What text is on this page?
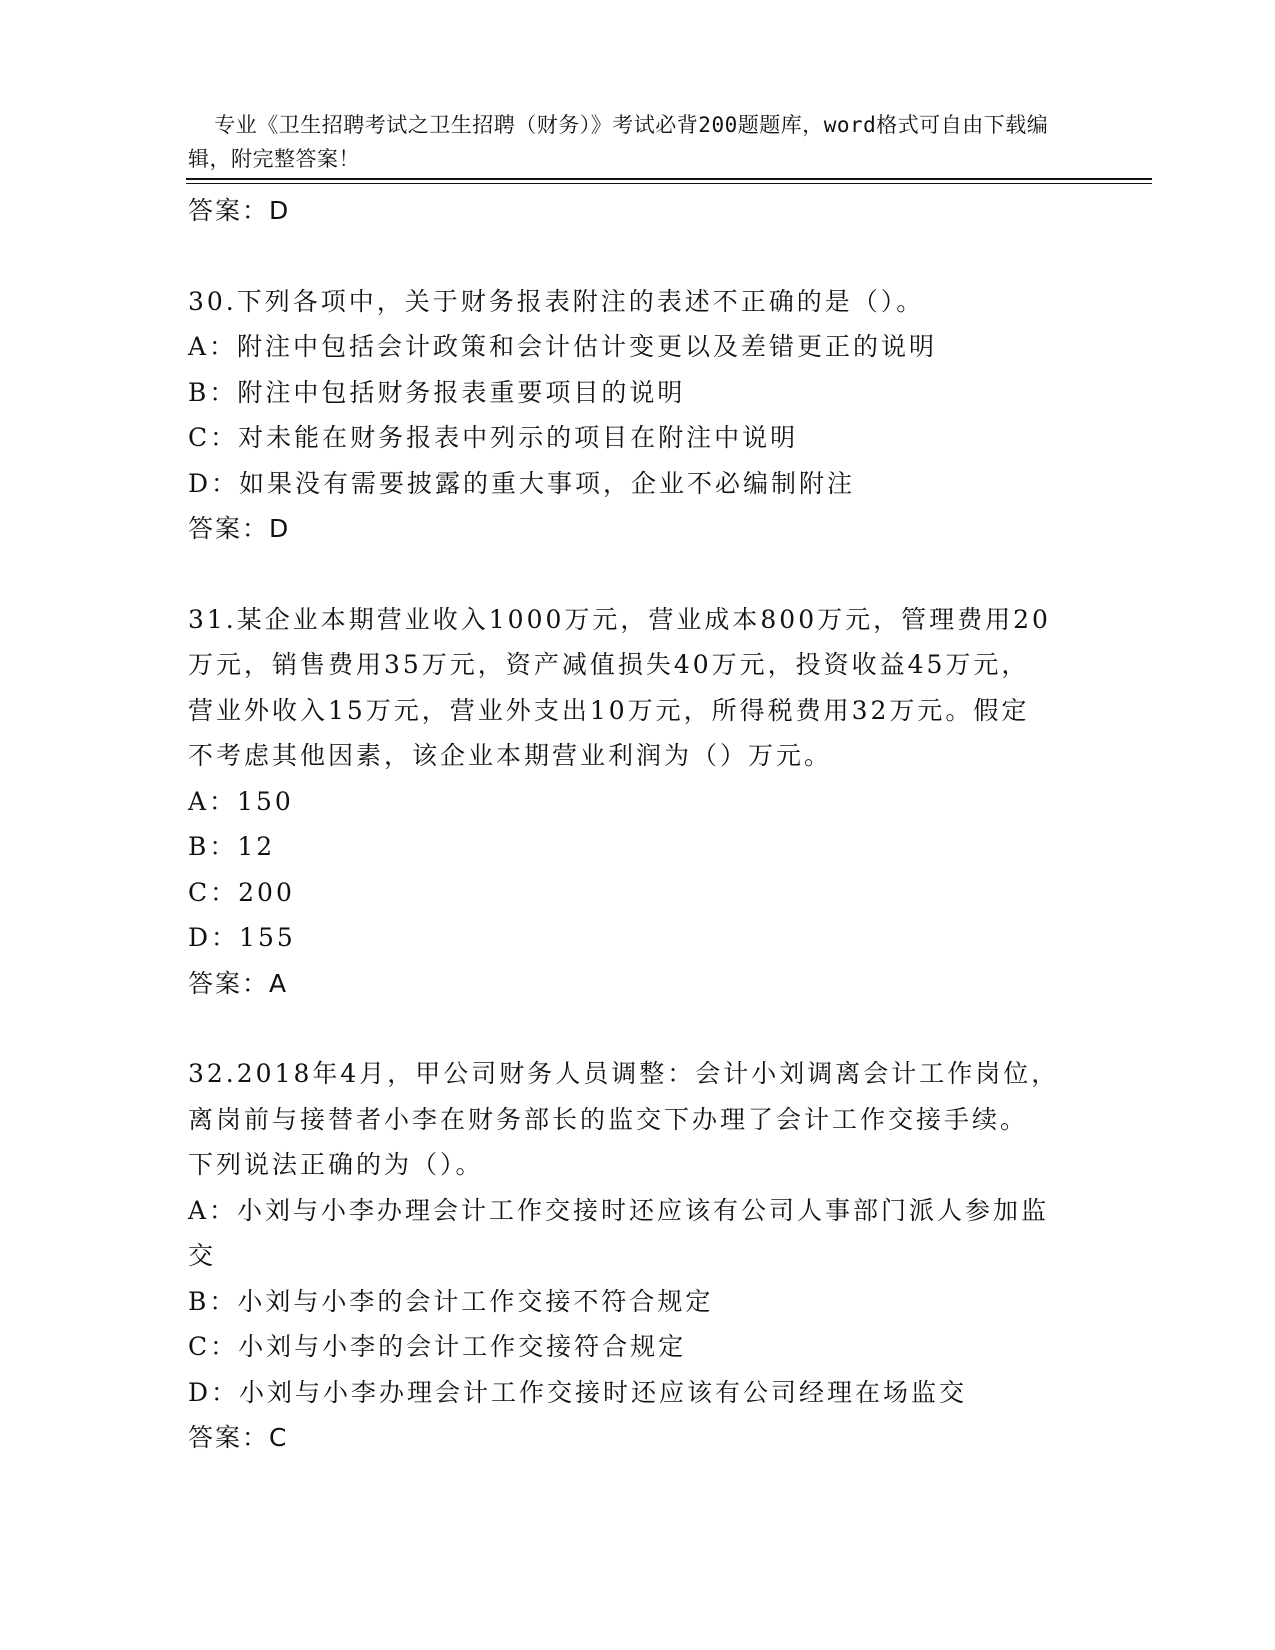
专业《卫生招聘考试之卫生招聘（财务）》考试必背200题题库，word格式可自由下载编辑，附完整答案！

答案：D
30.下列各项中，关于财务报表附注的表述不正确的是（）。
A：附注中包括会计政策和会计估计变更以及差错更正的说明
B：附注中包括财务报表重要项目的说明
C：对未能在财务报表中列示的项目在附注中说明
D：如果没有需要披露的重大事项，企业不必编制附注
答案：D
31.某企业本期营业收入1000万元，营业成本800万元，管理费用20
万元，销售费用35万元，资产减值损失40万元，投资收益45万元，
营业外收入15万元，营业外支出10万元，所得税费用32万元。假定
不考虑其他因素，该企业本期营业利润为（）万元。
A：150
B：12
C：200
D：155
答案：A
32.2018年4月，甲公司财务人员调整：会计小刘调离会计工作岗位，
离岗前与接替者小李在财务部长的监交下办理了会计工作交接手续。
下列说法正确的为（）。
A：小刘与小李办理会计工作交接时还应该有公司人事部门派人参加监
交
B：小刘与小李的会计工作交接不符合规定
C：小刘与小李的会计工作交接符合规定
D：小刘与小李办理会计工作交接时还应该有公司经理在场监交
答案：C
